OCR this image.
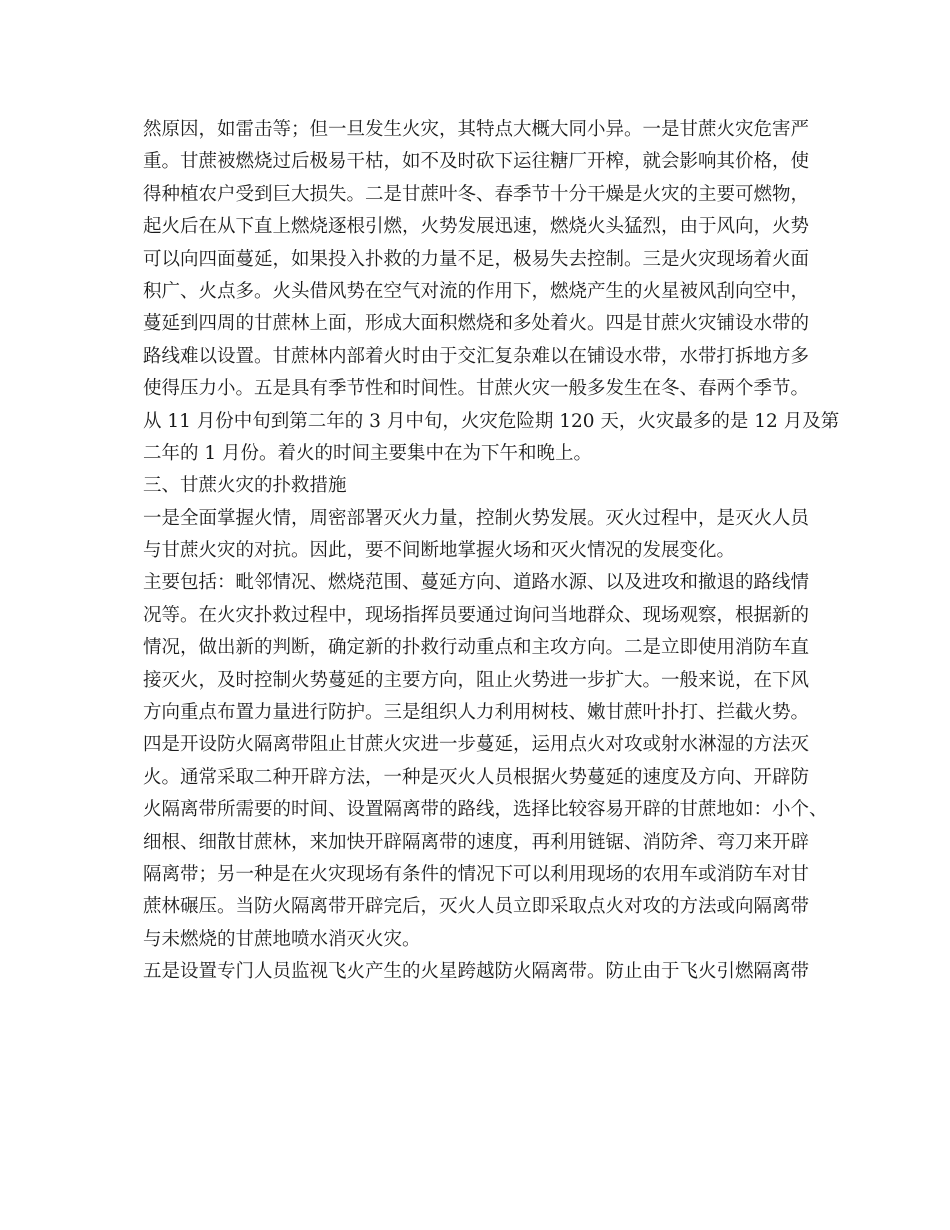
然原因，如雷击等；但一旦发生火灾，其特点大概大同小异。一是甘蔗火灾危害严
重。甘蔗被燃烧过后极易干枯，如不及时砍下运往糖厂开榨，就会影响其价格，使
得种植农户受到巨大损失。二是甘蔗叶冬、春季节十分干燥是火灾的主要可燃物，
起火后在从下直上燃烧逐根引燃，火势发展迅速，燃烧火头猛烈，由于风向，火势
可以向四面蔓延，如果投入扑救的力量不足，极易失去控制。三是火灾现场着火面
积广、火点多。火头借风势在空气对流的作用下，燃烧产生的火星被风刮向空中，
蔓延到四周的甘蔗林上面，形成大面积燃烧和多处着火。四是甘蔗火灾铺设水带的
路线难以设置。甘蔗林内部着火时由于交汇复杂难以在铺设水带，水带打拆地方多
使得压力小。五是具有季节性和时间性。甘蔗火灾一般多发生在冬、春两个季节。
从 11 月份中旬到第二年的 3 月中旬，火灾危险期 120 天，火灾最多的是 12 月及第
二年的 1 月份。着火的时间主要集中在为下午和晚上。
三、甘蔗火灾的扑救措施
一是全面掌握火情，周密部署灭火力量，控制火势发展。灭火过程中，是灭火人员
与甘蔗火灾的对抗。因此，要不间断地掌握火场和灭火情况的发展变化。
主要包括：毗邻情况、燃烧范围、蔓延方向、道路水源、以及进攻和撤退的路线情
况等。在火灾扑救过程中，现场指挥员要通过询问当地群众、现场观察，根据新的
情况，做出新的判断，确定新的扑救行动重点和主攻方向。二是立即使用消防车直
接灭火，及时控制火势蔓延的主要方向，阻止火势进一步扩大。一般来说，在下风
方向重点布置力量进行防护。三是组织人力利用树枝、嫩甘蔗叶扑打、拦截火势。
四是开设防火隔离带阻止甘蔗火灾进一步蔓延，运用点火对攻或射水淋湿的方法灭
火。通常采取二种开辟方法，一种是灭火人员根据火势蔓延的速度及方向、开辟防
火隔离带所需要的时间、设置隔离带的路线，选择比较容易开辟的甘蔗地如：小个、
细根、细散甘蔗林，来加快开辟隔离带的速度，再利用链锯、消防斧、弯刀来开辟
隔离带；另一种是在火灾现场有条件的情况下可以利用现场的农用车或消防车对甘
蔗林碾压。当防火隔离带开辟完后，灭火人员立即采取点火对攻的方法或向隔离带
与未燃烧的甘蔗地喷水消灭火灾。
五是设置专门人员监视飞火产生的火星跨越防火隔离带。防止由于飞火引燃隔离带
